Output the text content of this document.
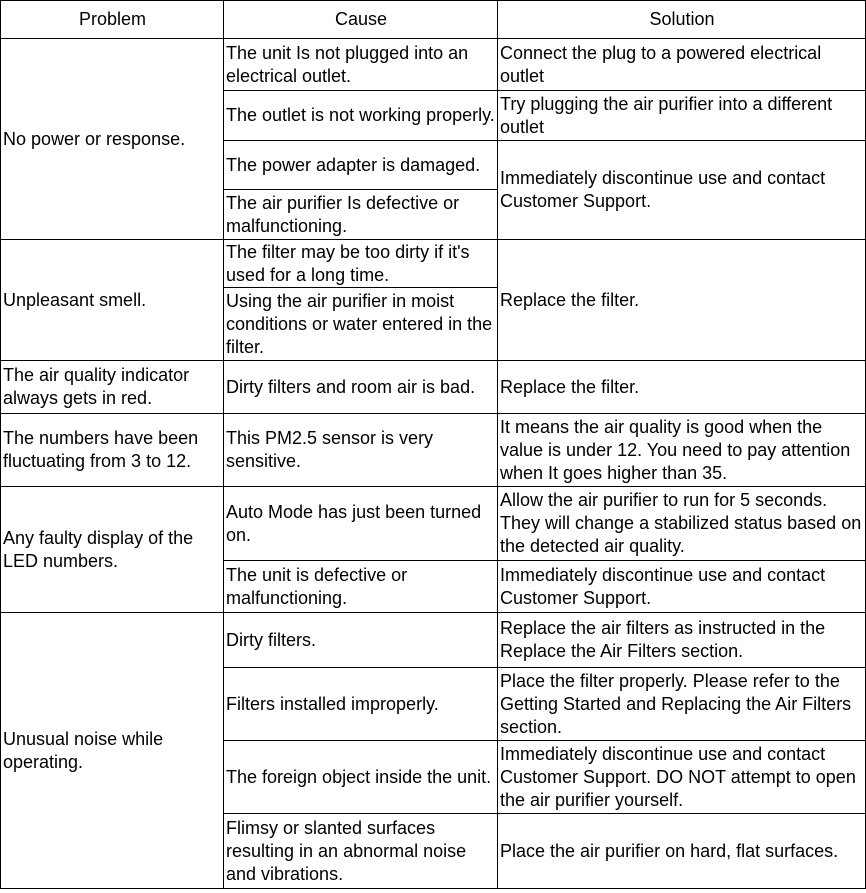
Problem	Cause	Solution
No power or response.	The unit Is not plugged into an electrical outlet.	Connect the plug to a powered electrical outlet
	The outlet is not working properly.	Try plugging the air purifier into a different outlet
	The power adapter is damaged.	Immediately discontinue use and contact Customer Support.
	The air purifier Is defective or malfunctioning.	
Unpleasant smell.	The filter may be too dirty if it's used for a long time.	Replace the filter.
	Using the air purifier in moist conditions or water entered in the filter.	
The air quality indicator always gets in red.	Dirty filters and room air is bad.	Replace the filter.
The numbers have been fluctuating from 3 to 12.	This PM2.5 sensor is very sensitive.	It means the air quality is good when the value is under 12. You need to pay attention when It goes higher than 35.
Any faulty display of the LED numbers.	Auto Mode has just been turned on.	Allow the air purifier to run for 5 seconds. They will change a stabilized status based on the detected air quality.
	The unit is defective or malfunctioning.	Immediately discontinue use and contact Customer Support.
Unusual noise while operating.	Dirty filters.	Replace the air filters as instructed in the Replace the Air Filters section.
	Filters installed improperly.	Place the filter properly. Please refer to the Getting Started and Replacing the Air Filters section.
	The foreign object inside the unit.	Immediately discontinue use and contact Customer Support. DO NOT attempt to open the air purifier yourself.
	Flimsy or slanted surfaces resulting in an abnormal noise and vibrations.	Place the air purifier on hard, flat surfaces.
